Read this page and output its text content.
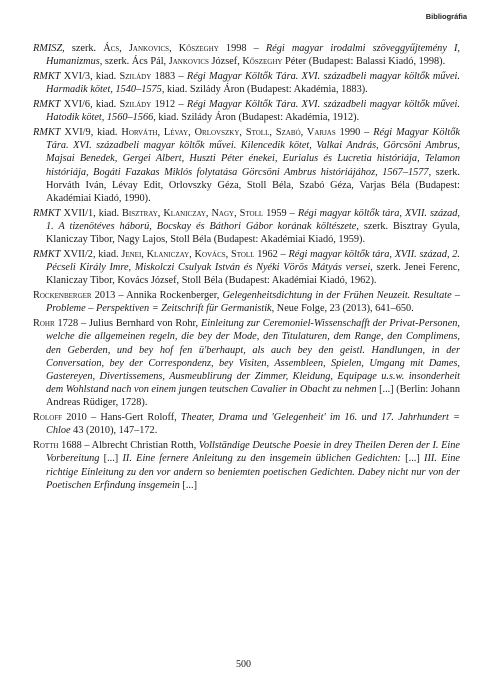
Bibliográfia
RMISZ, szerk. Ács, Jankovics, Kőszeghy 1998 – Régi magyar irodalmi szöveggyűjtemény I, Humanizmus, szerk. Ács Pál, Jankovics József, Kőszeghy Péter (Budapest: Balassi Kiadó, 1998).
RMKT XVI/3, kiad. Szilády 1883 – Régi Magyar Költők Tára. XVI. századbeli magyar költők művei. Harmadik kötet, 1540–1575, kiad. Szilády Áron (Budapest: Akadémia, 1883).
RMKT XVI/6, kiad. Szilády 1912 – Régi Magyar Költők Tára. XVI. századbeli magyar költők művei. Hatodik kötet, 1560–1566, kiad. Szilády Áron (Budapest: Akadémia, 1912).
RMKT XVI/9, kiad. Horváth, Lévay, Orlovszky, Stoll, Szabó, Varjas 1990 – Régi Magyar Költők Tára. XVI. századbeli magyar költők művei. Kilencedik kötet, Valkai András, Görcsöni Ambrus, Majsai Benedek, Gergei Albert, Huszti Péter énekei, Eurialus és Lucretia históriája, Telamon históriája, Bogáti Fazakas Miklós folytatása Görcsöni Ambrus históriájához, 1567–1577, szerk. Horváth Iván, Lévay Edit, Orlovszky Géza, Stoll Béla, Szabó Géza, Varjas Béla (Budapest: Akadémiai Kiadó, 1990).
RMKT XVII/1, kiad. Bisztray, Klaniczay, Nagy, Stoll 1959 – Régi magyar költők tára, XVII. század, 1. A tizenötéves háború, Bocskay és Báthori Gábor korának költészete, szerk. Bisztray Gyula, Klaniczay Tibor, Nagy Lajos, Stoll Béla (Budapest: Akadémiai Kiadó, 1959).
RMKT XVII/2, kiad. Jenei, Klaniczay, Kovács, Stoll 1962 – Régi magyar költők tára, XVII. század, 2. Pécseli Király Imre, Miskolczi Csulyak István és Nyéki Vörös Mátyás versei, szerk. Jenei Ferenc, Klaniczay Tibor, Kovács József, Stoll Béla (Budapest: Akadémiai Kiadó, 1962).
Rockenberger 2013 – Annika Rockenberger, Gelegenheitsdichtung in der Frühen Neuzeit. Resultate – Probleme – Perspektiven = Zeitschrift für Germanistik, Neue Folge, 23 (2013), 641–650.
Rohr 1728 – Julius Bernhard von Rohr, Einleitung zur Ceremoniel-Wissenschafft der Privat-Personen, welche die allgemeinen regeln, die bey der Mode, den Titulaturen, dem Range, den Complimens, den Geberden, und bey hof fen ü'berhaupt, als auch bey den geistl. Handlungen, in der Conversation, bey der Correspondenz, bey Visiten, Assembleen, Spielen, Umgang mit Dames, Gastereyen, Divertissemens, Ausmeublirung der Zimmer, Kleidung, Equipage u.s.w. insonderheit dem Wohlstand nach von einem jungen teutschen Cavalier in Obacht zu nehmen [...] (Berlin: Johann Andreas Rüdiger, 1728).
Roloff 2010 – Hans-Gert Roloff, Theater, Drama und 'Gelegenheit' im 16. und 17. Jahrhundert = Chloe 43 (2010), 147–172.
Rotth 1688 – Albrecht Christian Rotth, Vollständige Deutsche Poesie in drey Theilen Deren der I. Eine Vorbereitung [...] II. Eine fernere Anleitung zu den insgemein üblichen Gedichten: [...] III. Eine richtige Einleitung zu den vor andern so beniemten poetischen Gedichten. Dabey nicht nur von der Poetischen Erfindung insgemein [...]
500
